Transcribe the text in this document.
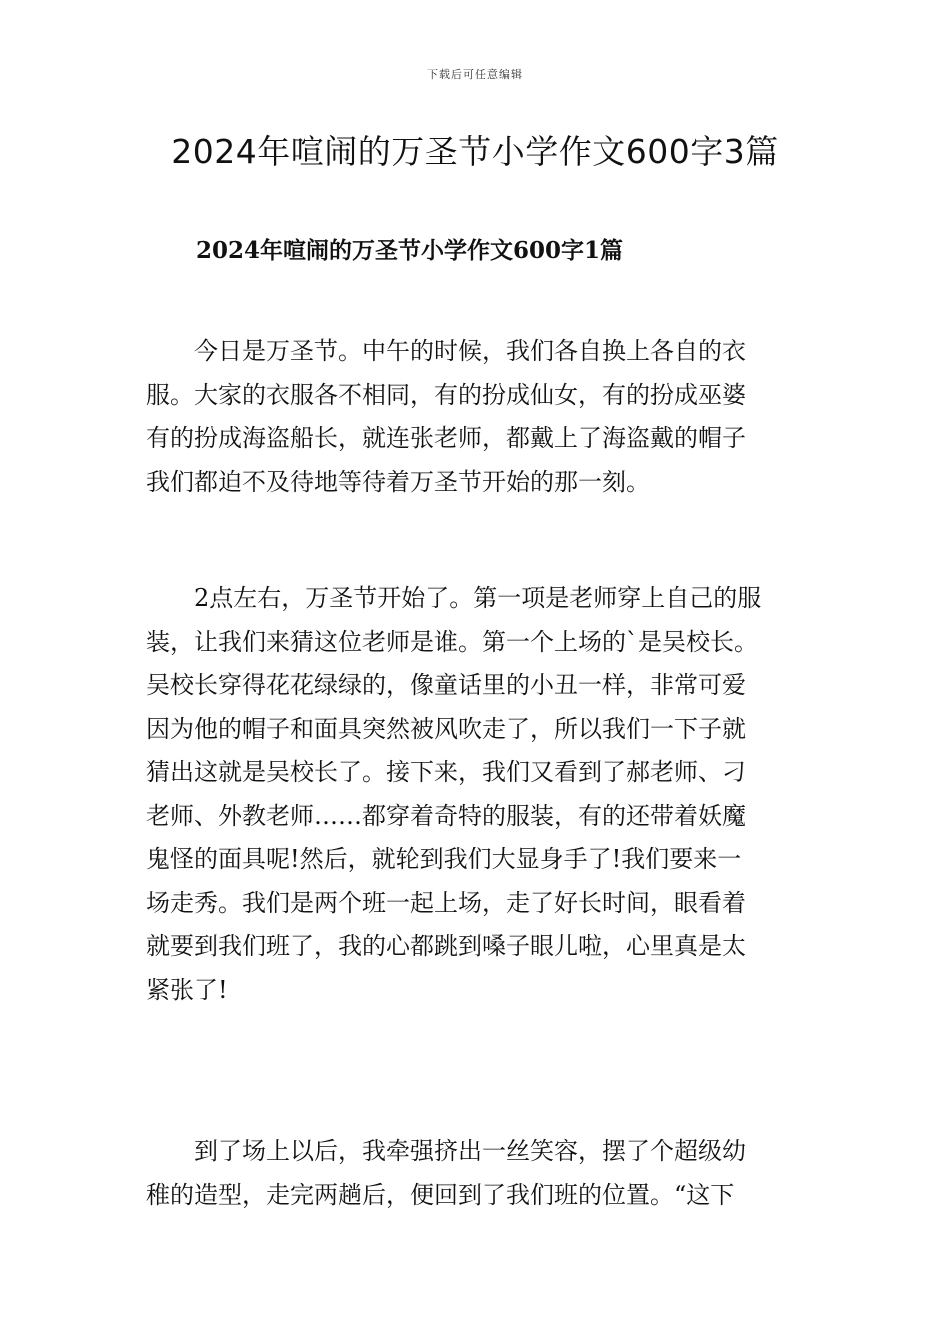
下载后可任意编辑
2024年喧闹的万圣节小学作文600字3篇
2024年喧闹的万圣节小学作文600字1篇

　　今日是万圣节。中午的时候，我们各自换上各自的衣
服。大家的衣服各不相同，有的扮成仙女，有的扮成巫婆
有的扮成海盗船长，就连张老师，都戴上了海盗戴的帽子
我们都迫不及待地等待着万圣节开始的那一刻。

　　2点左右，万圣节开始了。第一项是老师穿上自己的服
装，让我们来猜这位老师是谁。第一个上场的`是吴校长。
吴校长穿得花花绿绿的，像童话里的小丑一样，非常可爱
因为他的帽子和面具突然被风吹走了，所以我们一下子就
猜出这就是吴校长了。接下来，我们又看到了郝老师、刁
老师、外教老师……都穿着奇特的服装，有的还带着妖魔
鬼怪的面具呢!然后，就轮到我们大显身手了!我们要来一
场走秀。我们是两个班一起上场，走了好长时间，眼看着
就要到我们班了，我的心都跳到嗓子眼儿啦，心里真是太
紧张了!

　　到了场上以后，我牵强挤出一丝笑容，摆了个超级幼
稚的造型，走完两趟后，便回到了我们班的位置。“这下
